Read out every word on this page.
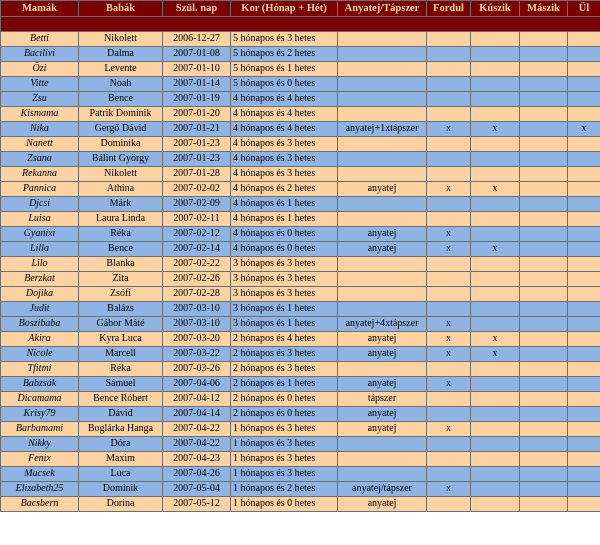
Mamák	Babák	Szül. nap	Kor (Hónap + Hét)	Anyatej/Tápszer	Fordul	Kúszik	Mászik	Ül

Betti	Nikolett	2006-12-27	5 hónapos és 3 hetes					
Bacilivi	Dalma	2007-01-08	5 hónapos és 2 hetes					
Özi	Levente	2007-01-10	5 hónapos és 1 hetes					
Vitte	Noah	2007-01-14	5 hónapos és 0 hetes					
Zsu	Bence	2007-01-19	4 hónapos és 4 hetes					
Kismama	Patrik Dominik	2007-01-20	4 hónapos és 4 hetes					
Nika	Gergő Dávid	2007-01-21	4 hónapos és 4 hetes	anyatej+1xtápszer	x	x		x
Nanett	Dominika	2007-01-23	4 hónapos és 3 hetes					
Zsana	Bálint György	2007-01-23	4 hónapos és 3 hetes					
Rekanna	Nikolett	2007-01-28	4 hónapos és 3 hetes					
Pannica	Athina	2007-02-02	4 hónapos és 2 hetes	anyatej	x	x		
Djcsi	Márk	2007-02-09	4 hónapos és 1 hetes					
Luisa	Laura Linda	2007-02-11	4 hónapos és 1 hetes					
Gyanixi	Réka	2007-02-12	4 hónapos és 0 hetes	anyatej	x			
Lilla	Bence	2007-02-14	4 hónapos és 0 hetes	anyatej	x	x		
Lilo	Blanka	2007-02-22	3 hónapos és 3 hetes					
Berzkat	Zita	2007-02-26	3 hónapos és 3 hetes					
Dojika	Zsófi	2007-02-28	3 hónapos és 3 hetes					
Judit	Balázs	2007-03-10	3 hónapos és 1 hetes					
Boszibaba	Gábor Máté	2007-03-10	3 hónapos és 1 hetes	anyatej+4xtápszer	x			
Akira	Kyra Luca	2007-03-20	2 hónapos és 4 hetes	anyatej	x	x		
Nicole	Marcell	2007-03-22	2 hónapos és 3 hetes	anyatej	x	x		
Tfitmi	Réka	2007-03-26	2 hónapos és 3 hetes					
Babzsák	Sámuel	2007-04-06	2 hónapos és 1 hetes	anyatej	x			
Dicamama	Bence Róbert	2007-04-12	2 hónapos és 0 hetes	tápszer				
Krisy79	Dávid	2007-04-14	2 hónapos és 0 hetes	anyatej				
Barbamami	Boglárka Hanga	2007-04-22	1 hónapos és 3 hetes	anyatej	x			
Nikky	Dóra	2007-04-22	1 hónapos és 3 hetes					
Fenix	Maxim	2007-04-23	1 hónapos és 3 hetes					
Macsek	Luca	2007-04-26	1 hónapos és 3 hetes					
Elizabeth25	Dominik	2007-05-04	1 hónapos és 2 hetes	anyatej/tápszer	x			
Bacsbern	Dorina	2007-05-12	1 hónapos és 0 hetes	anyatej				
